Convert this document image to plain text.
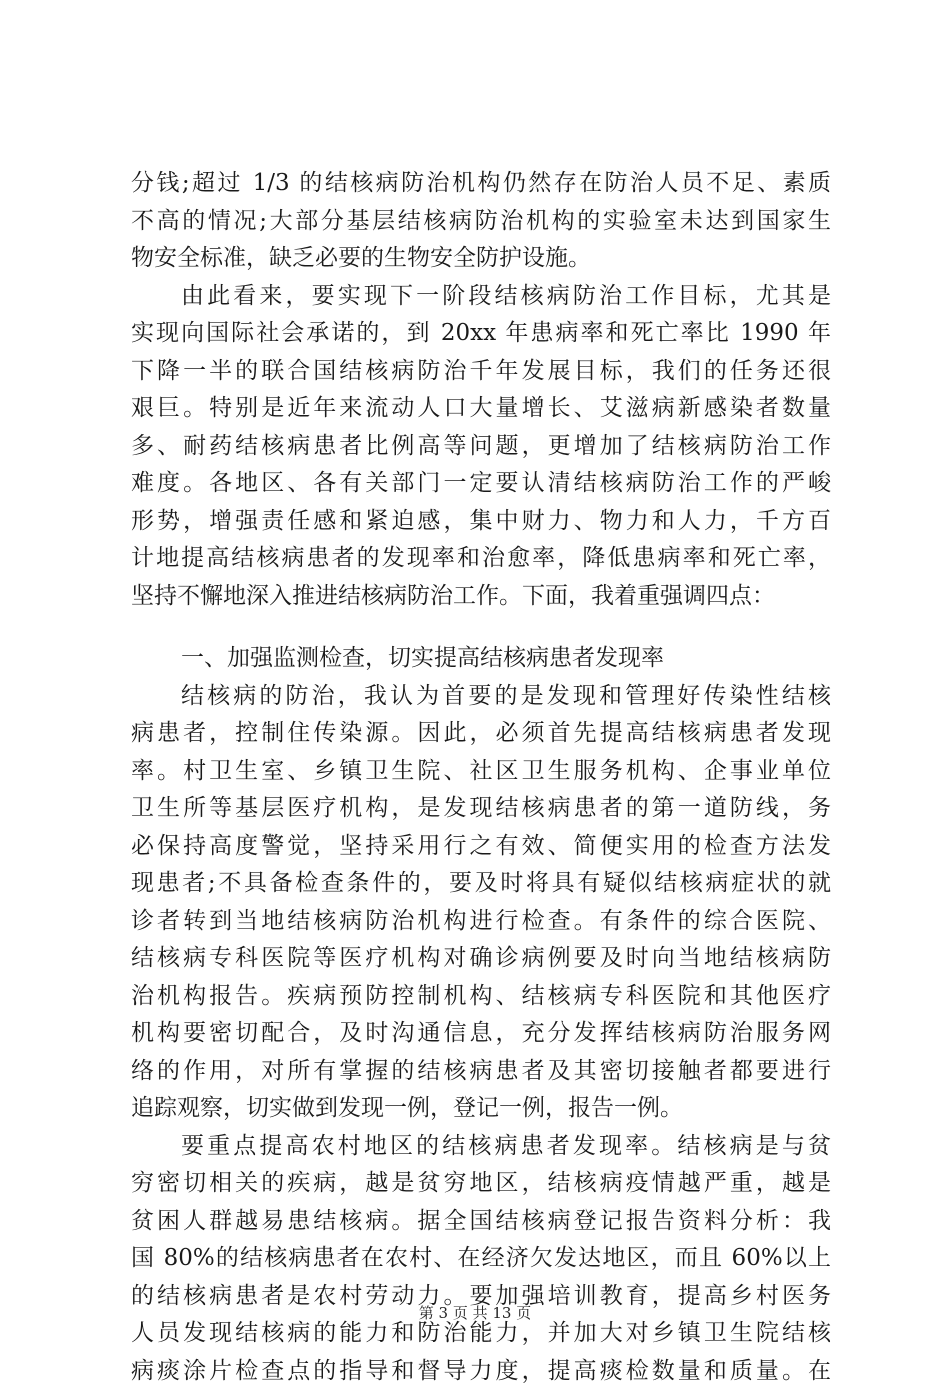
分钱;超过 1/3 的结核病防治机构仍然存在防治人员不足、素质
不高的情况;大部分基层结核病防治机构的实验室未达到国家生
物安全标准，缺乏必要的生物安全防护设施。
由此看来，要实现下一阶段结核病防治工作目标，尤其是
实现向国际社会承诺的，到 20xx 年患病率和死亡率比 1990 年
下降一半的联合国结核病防治千年发展目标，我们的任务还很
艰巨。特别是近年来流动人口大量增长、艾滋病新感染者数量
多、耐药结核病患者比例高等问题，更增加了结核病防治工作
难度。各地区、各有关部门一定要认清结核病防治工作的严峻
形势，增强责任感和紧迫感，集中财力、物力和人力，千方百
计地提高结核病患者的发现率和治愈率，降低患病率和死亡率，
坚持不懈地深入推进结核病防治工作。下面，我着重强调四点：
一、加强监测检查，切实提高结核病患者发现率
结核病的防治，我认为首要的是发现和管理好传染性结核
病患者，控制住传染源。因此，必须首先提高结核病患者发现
率。村卫生室、乡镇卫生院、社区卫生服务机构、企事业单位
卫生所等基层医疗机构，是发现结核病患者的第一道防线，务
必保持高度警觉，坚持采用行之有效、简便实用的检查方法发
现患者;不具备检查条件的，要及时将具有疑似结核病症状的就
诊者转到当地结核病防治机构进行检查。有条件的综合医院、
结核病专科医院等医疗机构对确诊病例要及时向当地结核病防
治机构报告。疾病预防控制机构、结核病专科医院和其他医疗
机构要密切配合，及时沟通信息，充分发挥结核病防治服务网
络的作用，对所有掌握的结核病患者及其密切接触者都要进行
追踪观察，切实做到发现一例，登记一例，报告一例。
要重点提高农村地区的结核病患者发现率。结核病是与贫
穷密切相关的疾病，越是贫穷地区，结核病疫情越严重，越是
贫困人群越易患结核病。据全国结核病登记报告资料分析：我
国 80%的结核病患者在农村、在经济欠发达地区，而且 60%以上
的结核病患者是农村劳动力。要加强培训教育，提高乡村医务
人员发现结核病的能力和防治能力，并加大对乡镇卫生院结核
病痰涂片检查点的指导和督导力度，提高痰检数量和质量。在
第 3 页 共 13 页
